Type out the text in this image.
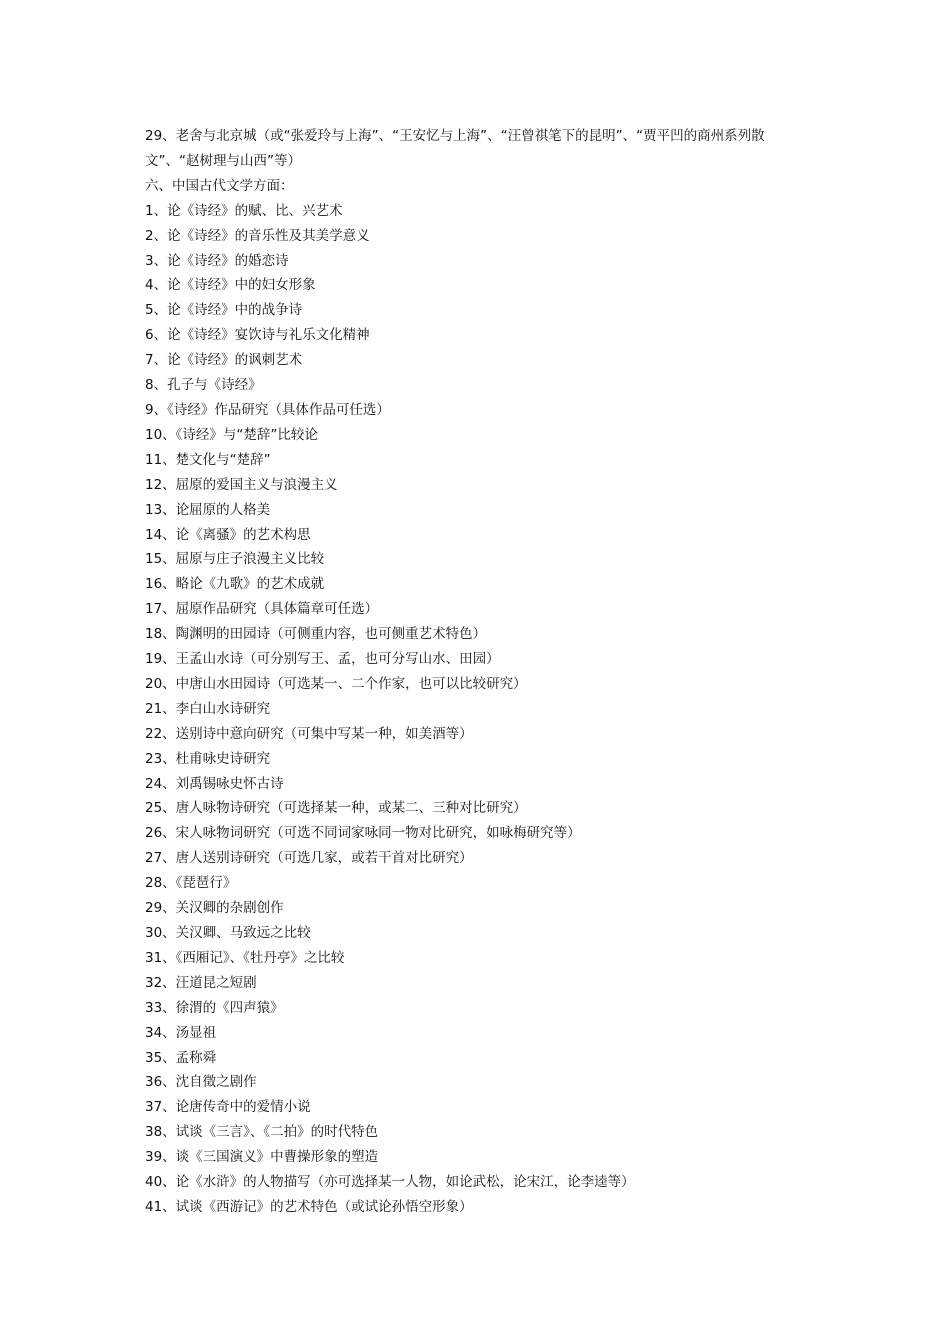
29、老舍与北京城（或“张爱玲与上海”、“王安忆与上海”、“汪曾祺笔下的昆明”、“贾平凹的商州系列散文”、“赵树理与山西”等）
六、中国古代文学方面：
1、论《诗经》的赋、比、兴艺术
2、论《诗经》的音乐性及其美学意义
3、论《诗经》的婚恋诗
4、论《诗经》中的妇女形象
5、论《诗经》中的战争诗
6、论《诗经》宴饮诗与礼乐文化精神
7、论《诗经》的讽刺艺术
8、孔子与《诗经》
9、《诗经》作品研究（具体作品可任选）
10、《诗经》与“楚辞”比较论
11、楚文化与“楚辞”
12、屈原的爱国主义与浪漫主义
13、论屈原的人格美
14、论《离骚》的艺术构思
15、屈原与庄子浪漫主义比较
16、略论《九歌》的艺术成就
17、屈原作品研究（具体篇章可任选）
18、陶渊明的田园诗（可侧重内容，也可侧重艺术特色）
19、王孟山水诗（可分别写王、孟，也可分写山水、田园）
20、中唐山水田园诗（可选某一、二个作家，也可以比较研究）
21、李白山水诗研究
22、送别诗中意向研究（可集中写某一种，如美酒等）
23、杜甫咏史诗研究
24、刘禹锡咏史怀古诗
25、唐人咏物诗研究（可选择某一种，或某二、三种对比研究）
26、宋人咏物词研究（可选不同词家咏同一物对比研究，如咏梅研究等）
27、唐人送别诗研究（可选几家，或若干首对比研究）
28、《琵琶行》
29、关汉卿的杂剧创作
30、关汉卿、马致远之比较
31、《西厢记》、《牡丹亭》之比较
32、汪道昆之短剧
33、徐渭的《四声猿》
34、汤显祖
35、孟称舜
36、沈自徵之剧作
37、论唐传奇中的爱情小说
38、试谈《三言》、《二拍》的时代特色
39、谈《三国演义》中曹操形象的塑造
40、论《水浒》的人物描写（亦可选择某一人物，如论武松，论宋江，论李逵等）
41、试谈《西游记》的艺术特色（或试论孙悟空形象）
